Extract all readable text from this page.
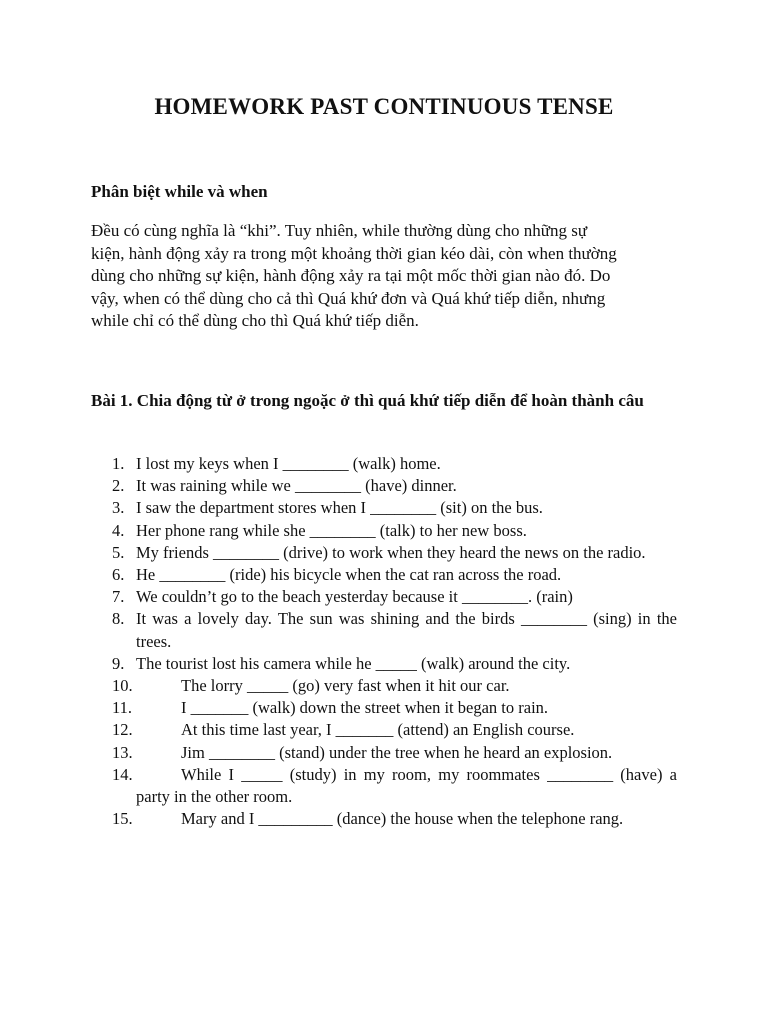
HOMEWORK PAST CONTINUOUS TENSE
Phân biệt while và when
Đều có cùng nghĩa là “khi”. Tuy nhiên, while thường dùng cho những sự
kiện, hành động xảy ra trong một khoảng thời gian kéo dài, còn when thường
dùng cho những sự kiện, hành động xảy ra tại một mốc thời gian nào đó. Do
vậy, when có thể dùng cho cả thì Quá khứ đơn và Quá khứ tiếp diễn, nhưng
while chỉ có thể dùng cho thì Quá khứ tiếp diễn.
Bài 1. Chia động từ ở trong ngoặc ở thì quá khứ tiếp diễn để hoàn thành câu
1. I lost my keys when I ________ (walk) home.
2. It was raining while we ________ (have) dinner.
3. I saw the department stores when I ________ (sit) on the bus.
4. Her phone rang while she ________ (talk) to her new boss.
5. My friends ________ (drive) to work when they heard the news on the radio.
6. He ________ (ride) his bicycle when the cat ran across the road.
7. We couldn’t go to the beach yesterday because it ________. (rain)
8. It was a lovely day. The sun was shining and the birds ________ (sing) in the trees.
9. The tourist lost his camera while he _____ (walk) around the city.
10.	The lorry _____ (go) very fast when it hit our car.
11.	I _______ (walk) down the street when it began to rain.
12.	At this time last year, I _______ (attend) an English course.
13.	Jim ________ (stand) under the tree when he heard an explosion.
14.	While I _____ (study) in my room, my roommates ________ (have) a party in the other room.
15.	Mary and I _________ (dance) the house when the telephone rang.
